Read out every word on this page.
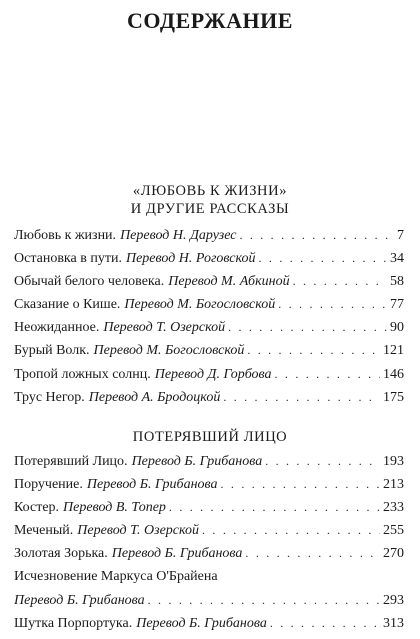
СОДЕРЖАНИЕ
«ЛЮБОВЬ К ЖИЗНИ»
И ДРУГИЕ РАССКАЗЫ
Любовь к жизни. Перевод Н. Дарузес . . .	7
Остановка в пути. Перевод Н. Роговской . . .	34
Обычай белого человека. Перевод М. Абкиной . . .	58
Сказание о Кише. Перевод М. Богословской . . .	77
Неожиданное. Перевод Т. Озерской . . .	90
Бурый Волк. Перевод М. Богословской . . .	121
Тропой ложных солнц. Перевод Д. Горбова . . .	146
Трус Негор. Перевод А. Бродоцкой . . .	175
ПОТЕРЯВШИЙ ЛИЦО
Потерявший Лицо. Перевод Б. Грибанова . . .	193
Поручение. Перевод Б. Грибанова . . .	213
Костер. Перевод В. Топер . . .	233
Меченый. Перевод Т. Озерской . . .	255
Золотая Зорька. Перевод Б. Грибанова . . .	270
Исчезновение Маркуса О'Брайена
Перевод Б. Грибанова . . .	293
Шутка Порпортука. Перевод Б. Грибанова . . .	313
